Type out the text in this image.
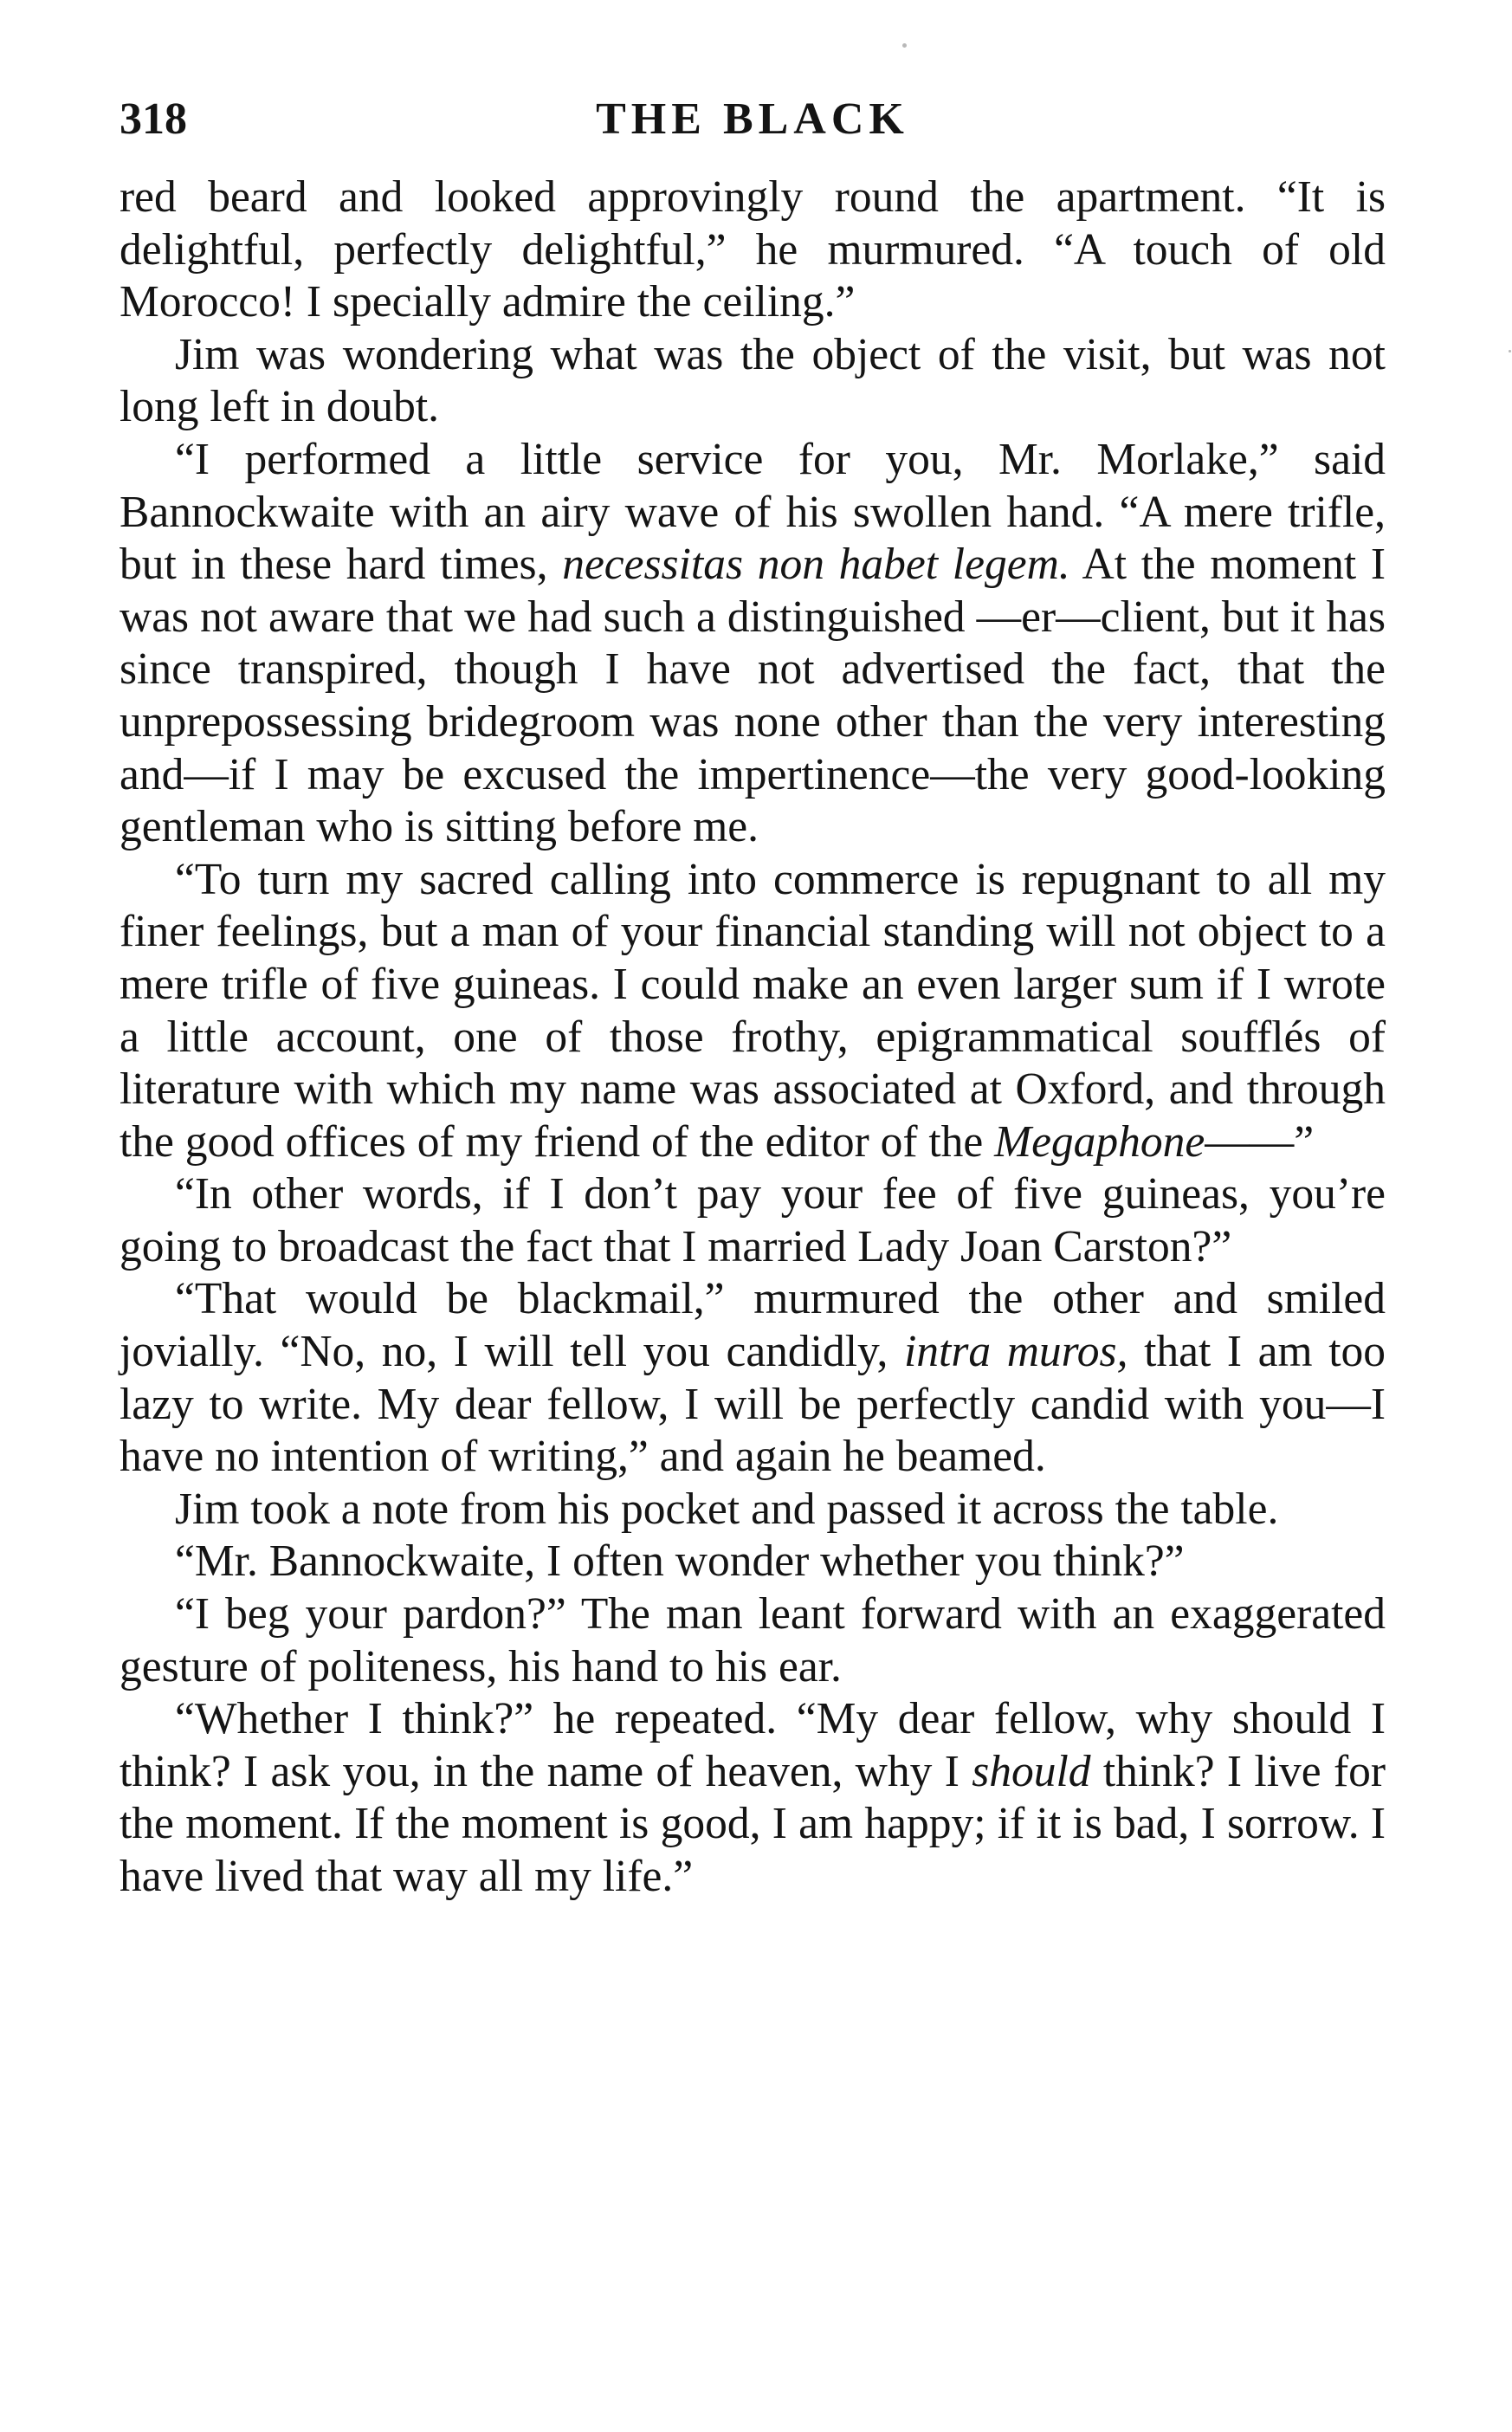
318	THE BLACK

red beard and looked approvingly round the apartment. “It is delightful, perfectly delightful,” he murmured. “A touch of old Morocco! I specially admire the ceiling.”

Jim was wondering what was the object of the visit, but was not long left in doubt.

“I performed a little service for you, Mr. Morlake,” said Bannockwaite with an airy wave of his swollen hand. “A mere trifle, but in these hard times, necessitas non habet legem. At the moment I was not aware that we had such a distinguished —er—client, but it has since transpired, though I have not advertised the fact, that the unprepossessing bridegroom was none other than the very interesting and—if I may be excused the impertinence—the very good-looking gentleman who is sitting before me.

“To turn my sacred calling into commerce is repugnant to all my finer feelings, but a man of your financial standing will not object to a mere trifle of five guineas. I could make an even larger sum if I wrote a little account, one of those frothy, epigrammatical soufflés of literature with which my name was associated at Oxford, and through the good offices of my friend of the editor of the Megaphone——”

“In other words, if I don’t pay your fee of five guineas, you’re going to broadcast the fact that I married Lady Joan Carston?”

“That would be blackmail,” murmured the other and smiled jovially. “No, no, I will tell you candidly, intra muros, that I am too lazy to write. My dear fellow, I will be perfectly candid with you—I have no intention of writing,” and again he beamed.

Jim took a note from his pocket and passed it across the table.

“Mr. Bannockwaite, I often wonder whether you think?”

“I beg your pardon?” The man leant forward with an exaggerated gesture of politeness, his hand to his ear.

“Whether I think?” he repeated. “My dear fellow, why should I think? I ask you, in the name of heaven, why I should think? I live for the moment. If the moment is good, I am happy; if it is bad, I sorrow. I have lived that way all my life.”
